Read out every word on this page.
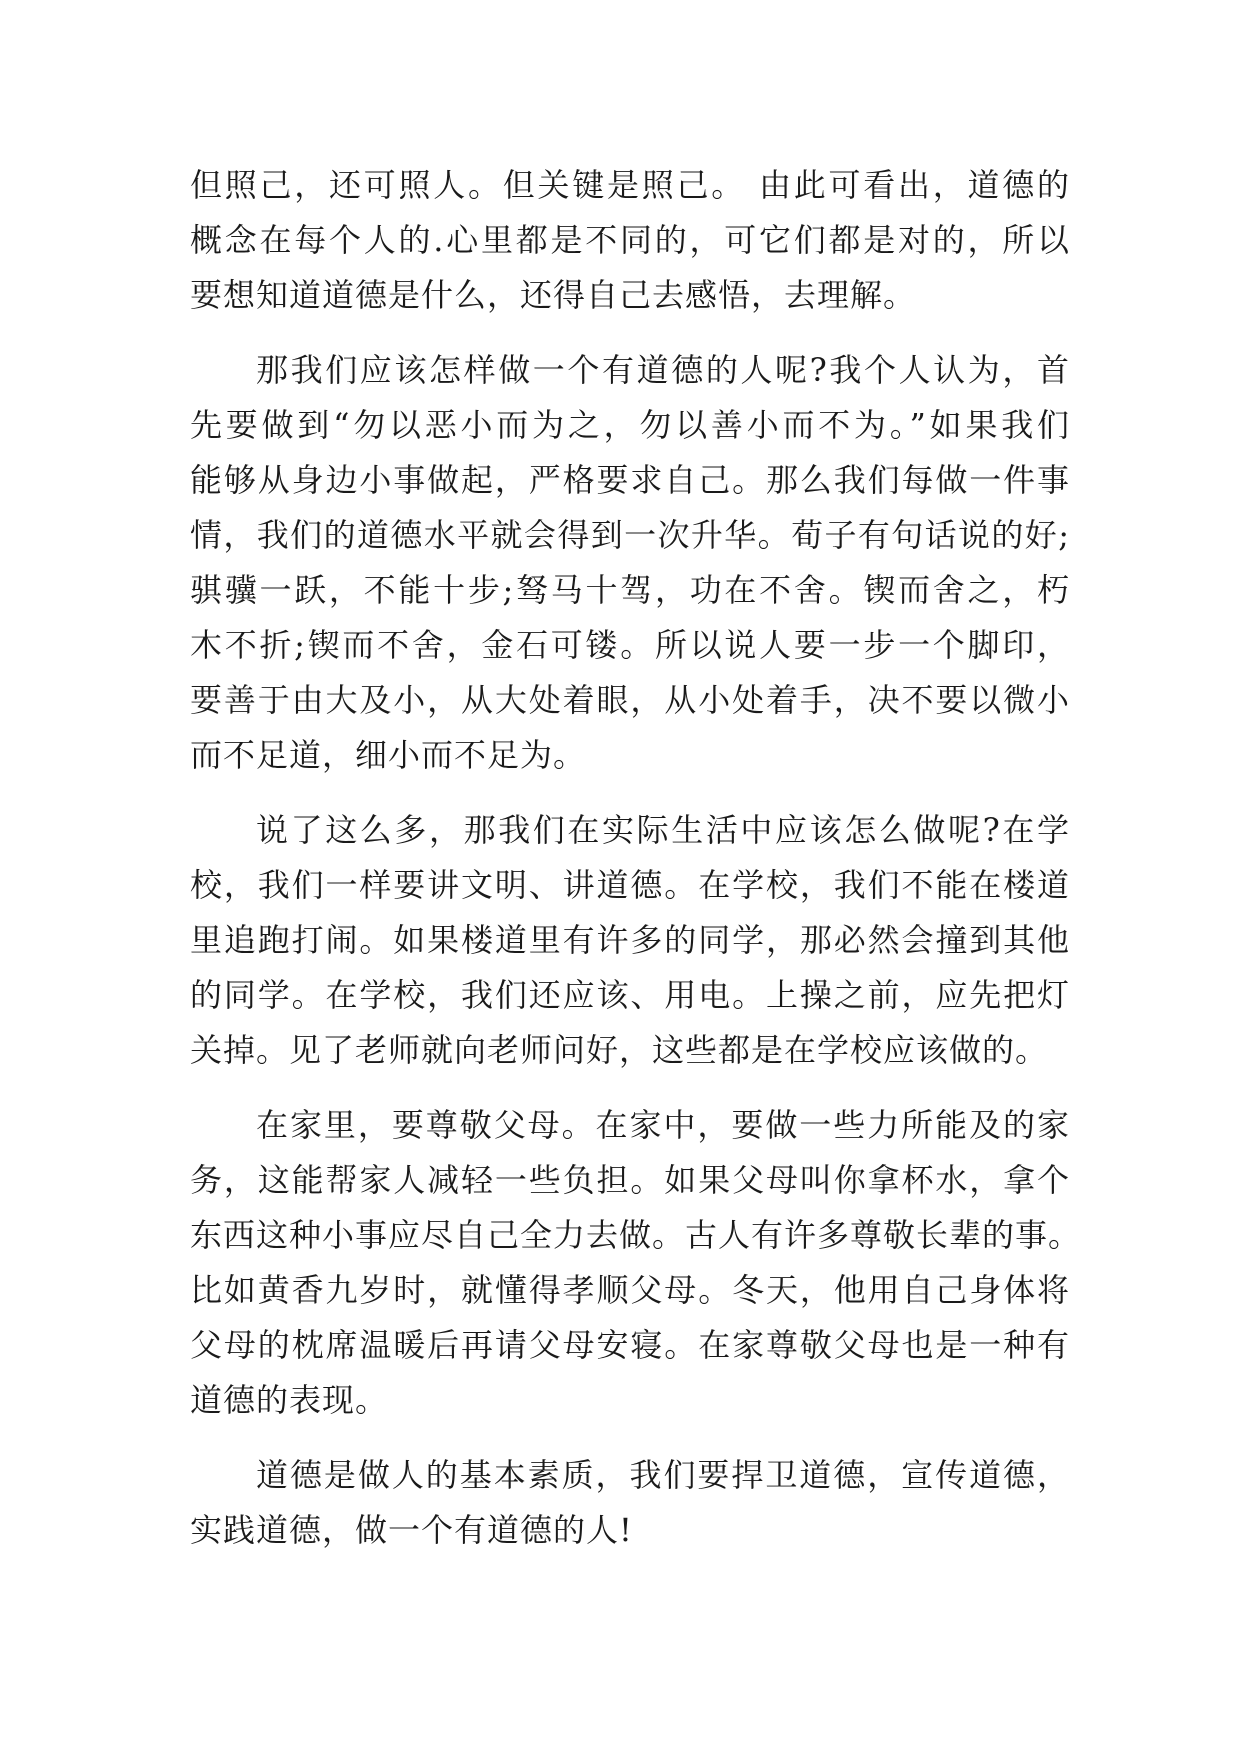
但照己，还可照人。但关键是照己。 由此可看出，道德的
概念在每个人的.心里都是不同的，可它们都是对的，所以
要想知道道德是什么，还得自己去感悟，去理解。
那我们应该怎样做一个有道德的人呢?我个人认为，首
先要做到“勿以恶小而为之，勿以善小而不为。”如果我们
能够从身边小事做起，严格要求自己。那么我们每做一件事
情，我们的道德水平就会得到一次升华。荀子有句话说的好;
骐骥一跃，不能十步;驽马十驾，功在不舍。锲而舍之，朽
木不折;锲而不舍，金石可镂。所以说人要一步一个脚印，
要善于由大及小，从大处着眼，从小处着手，决不要以微小
而不足道，细小而不足为。
说了这么多，那我们在实际生活中应该怎么做呢?在学
校，我们一样要讲文明、讲道德。在学校，我们不能在楼道
里追跑打闹。如果楼道里有许多的同学，那必然会撞到其他
的同学。在学校，我们还应该、用电。上操之前，应先把灯
关掉。见了老师就向老师问好，这些都是在学校应该做的。
在家里，要尊敬父母。在家中，要做一些力所能及的家
务，这能帮家人减轻一些负担。如果父母叫你拿杯水，拿个
东西这种小事应尽自己全力去做。古人有许多尊敬长辈的事。
比如黄香九岁时，就懂得孝顺父母。冬天，他用自己身体将
父母的枕席温暖后再请父母安寝。在家尊敬父母也是一种有
道德的表现。
道德是做人的基本素质，我们要捍卫道德，宣传道德，
实践道德，做一个有道德的人!
